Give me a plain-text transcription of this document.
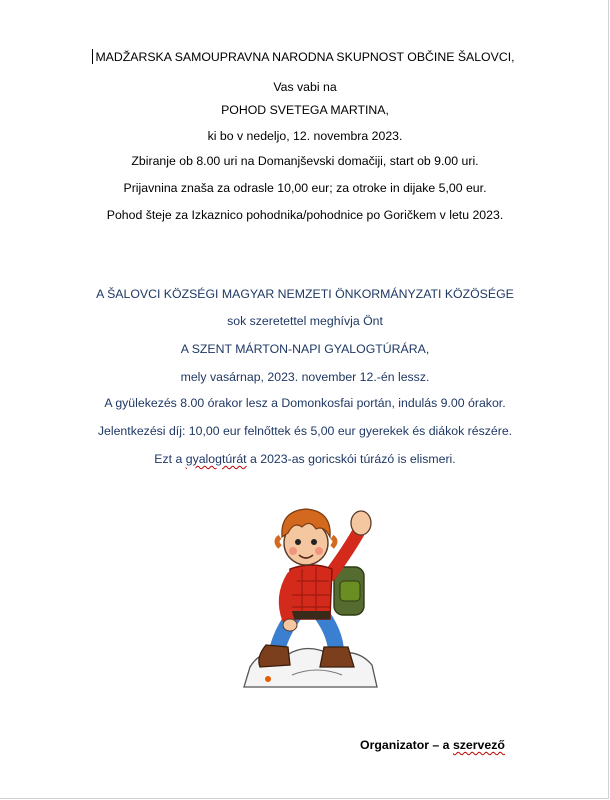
MADŽARSKA SAMOUPRAVNA NARODNA SKUPNOST OBČINE ŠALOVCI,
Vas vabi na
POHOD SVETEGA MARTINA,
ki bo v nedeljo, 12. novembra 2023.
Zbiranje ob 8.00 uri na Domanjševski domačiji, start ob 9.00 uri.
Prijavnina znaša za odrasle 10,00 eur; za otroke in dijake 5,00 eur.
Pohod šteje za Izkaznico pohodnika/pohodnice po Goričkem v letu 2023.
A ŠALOVCI KÖZSÉGI MAGYAR NEMZETI ÖNKORMÁNYZATI KÖZÖSÉGE
sok szeretettel meghívja Önt
A SZENT MÁRTON-NAPI GYALOGTÚRÁRA,
mely vasárnap, 2023. november 12.-én lessz.
A gyülekezés 8.00 órakor lesz a Domonkosfai portán, indulás 9.00 órakor.
Jelentkezési díj: 10,00 eur felnőttek és 5,00 eur gyerekek és diákok részére.
Ezt a gyalogtúrát a 2023-as goricskói túrázó is elismeri.
Organizator – a szervező
